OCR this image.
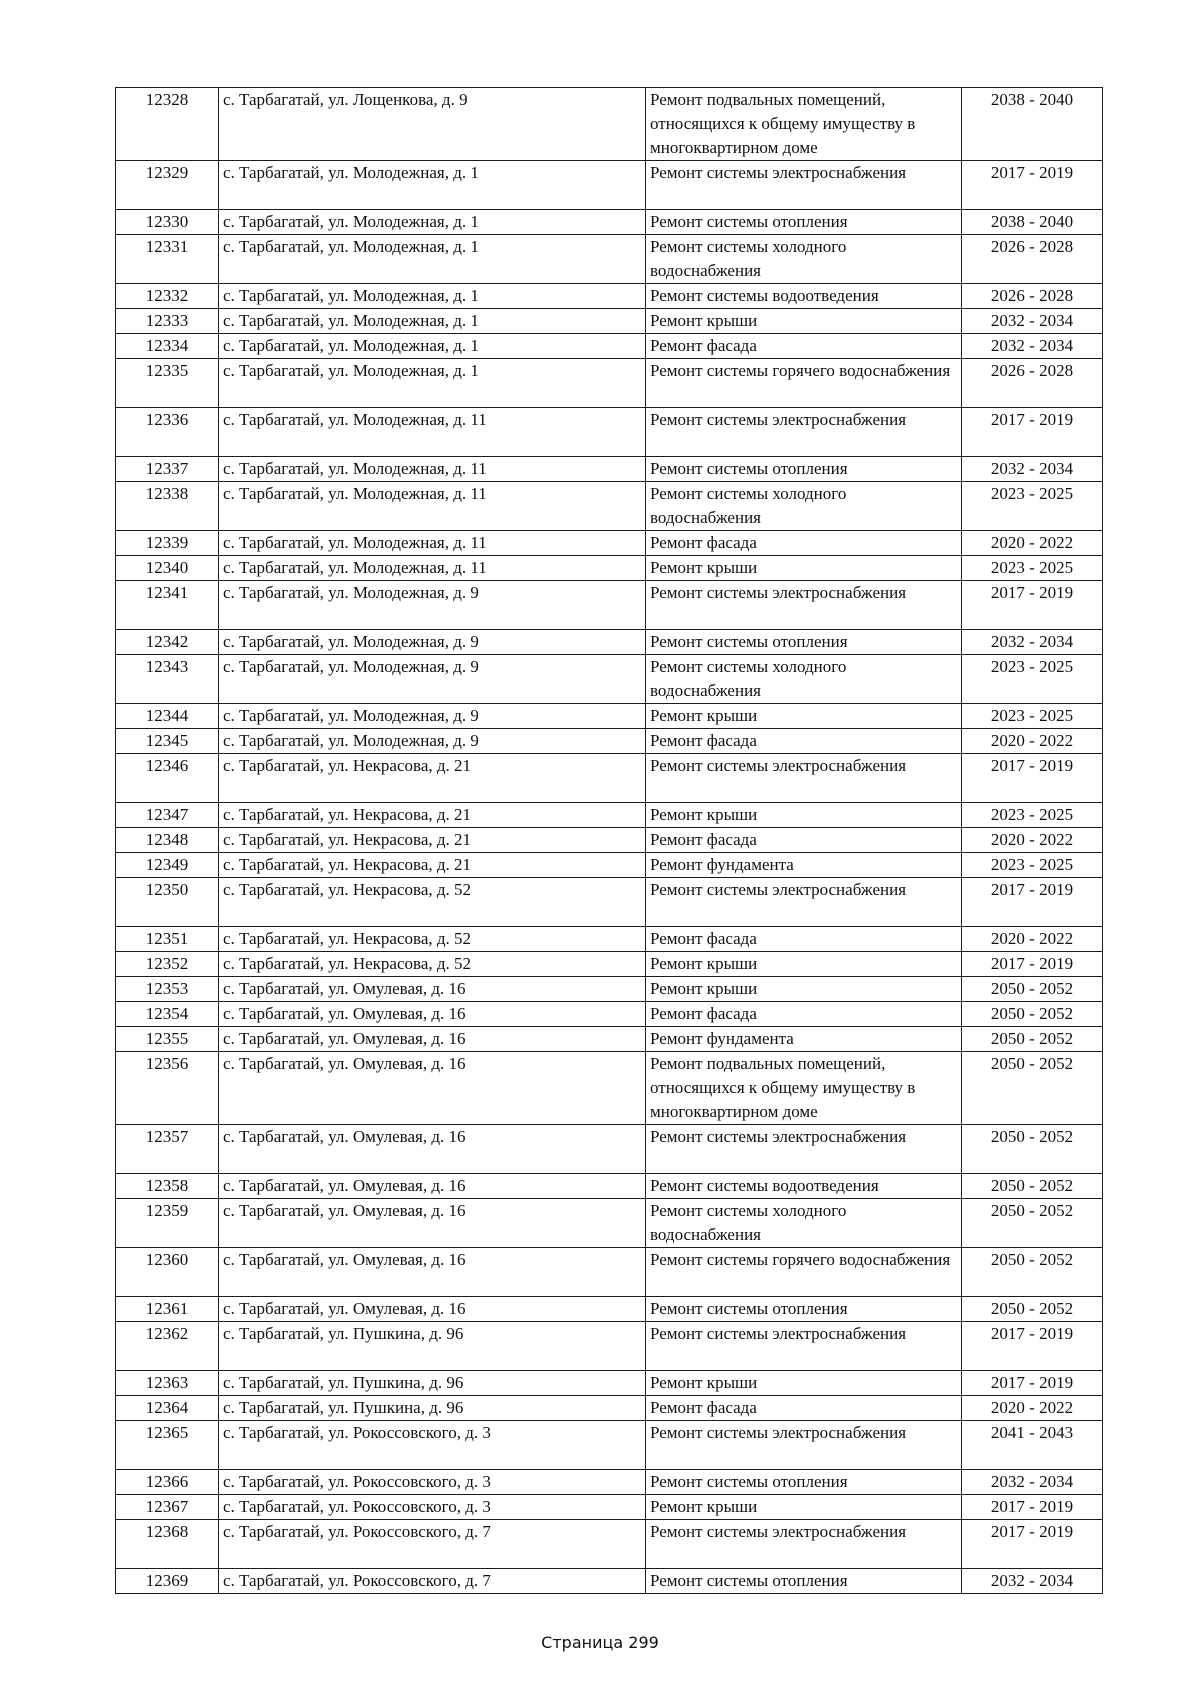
12328	с. Тарбагатай, ул. Лощенкова, д. 9	Ремонт подвальных помещений, относящихся к общему имуществу в многоквартирном доме	2038 - 2040
12329	с. Тарбагатай, ул. Молодежная, д. 1	Ремонт системы электроснабжения	2017 - 2019
12330	с. Тарбагатай, ул. Молодежная, д. 1	Ремонт системы отопления	2038 - 2040
12331	с. Тарбагатай, ул. Молодежная, д. 1	Ремонт системы холодного водоснабжения	2026 - 2028
12332	с. Тарбагатай, ул. Молодежная, д. 1	Ремонт системы водоотведения	2026 - 2028
12333	с. Тарбагатай, ул. Молодежная, д. 1	Ремонт крыши	2032 - 2034
12334	с. Тарбагатай, ул. Молодежная, д. 1	Ремонт фасада	2032 - 2034
12335	с. Тарбагатай, ул. Молодежная, д. 1	Ремонт системы горячего водоснабжения	2026 - 2028
12336	с. Тарбагатай, ул. Молодежная, д. 11	Ремонт системы электроснабжения	2017 - 2019
12337	с. Тарбагатай, ул. Молодежная, д. 11	Ремонт системы отопления	2032 - 2034
12338	с. Тарбагатай, ул. Молодежная, д. 11	Ремонт системы холодного водоснабжения	2023 - 2025
12339	с. Тарбагатай, ул. Молодежная, д. 11	Ремонт фасада	2020 - 2022
12340	с. Тарбагатай, ул. Молодежная, д. 11	Ремонт крыши	2023 - 2025
12341	с. Тарбагатай, ул. Молодежная, д. 9	Ремонт системы электроснабжения	2017 - 2019
12342	с. Тарбагатай, ул. Молодежная, д. 9	Ремонт системы отопления	2032 - 2034
12343	с. Тарбагатай, ул. Молодежная, д. 9	Ремонт системы холодного водоснабжения	2023 - 2025
12344	с. Тарбагатай, ул. Молодежная, д. 9	Ремонт крыши	2023 - 2025
12345	с. Тарбагатай, ул. Молодежная, д. 9	Ремонт фасада	2020 - 2022
12346	с. Тарбагатай, ул. Некрасова, д. 21	Ремонт системы электроснабжения	2017 - 2019
12347	с. Тарбагатай, ул. Некрасова, д. 21	Ремонт крыши	2023 - 2025
12348	с. Тарбагатай, ул. Некрасова, д. 21	Ремонт фасада	2020 - 2022
12349	с. Тарбагатай, ул. Некрасова, д. 21	Ремонт фундамента	2023 - 2025
12350	с. Тарбагатай, ул. Некрасова, д. 52	Ремонт системы электроснабжения	2017 - 2019
12351	с. Тарбагатай, ул. Некрасова, д. 52	Ремонт фасада	2020 - 2022
12352	с. Тарбагатай, ул. Некрасова, д. 52	Ремонт крыши	2017 - 2019
12353	с. Тарбагатай, ул. Омулевая, д. 16	Ремонт крыши	2050 - 2052
12354	с. Тарбагатай, ул. Омулевая, д. 16	Ремонт фасада	2050 - 2052
12355	с. Тарбагатай, ул. Омулевая, д. 16	Ремонт фундамента	2050 - 2052
12356	с. Тарбагатай, ул. Омулевая, д. 16	Ремонт подвальных помещений, относящихся к общему имуществу в многоквартирном доме	2050 - 2052
12357	с. Тарбагатай, ул. Омулевая, д. 16	Ремонт системы электроснабжения	2050 - 2052
12358	с. Тарбагатай, ул. Омулевая, д. 16	Ремонт системы водоотведения	2050 - 2052
12359	с. Тарбагатай, ул. Омулевая, д. 16	Ремонт системы холодного водоснабжения	2050 - 2052
12360	с. Тарбагатай, ул. Омулевая, д. 16	Ремонт системы горячего водоснабжения	2050 - 2052
12361	с. Тарбагатай, ул. Омулевая, д. 16	Ремонт системы отопления	2050 - 2052
12362	с. Тарбагатай, ул. Пушкина, д. 96	Ремонт системы электроснабжения	2017 - 2019
12363	с. Тарбагатай, ул. Пушкина, д. 96	Ремонт крыши	2017 - 2019
12364	с. Тарбагатай, ул. Пушкина, д. 96	Ремонт фасада	2020 - 2022
12365	с. Тарбагатай, ул. Рокоссовского, д. 3	Ремонт системы электроснабжения	2041 - 2043
12366	с. Тарбагатай, ул. Рокоссовского, д. 3	Ремонт системы отопления	2032 - 2034
12367	с. Тарбагатай, ул. Рокоссовского, д. 3	Ремонт крыши	2017 - 2019
12368	с. Тарбагатай, ул. Рокоссовского, д. 7	Ремонт системы электроснабжения	2017 - 2019
12369	с. Тарбагатай, ул. Рокоссовского, д. 7	Ремонт системы отопления	2032 - 2034
Страница 299
